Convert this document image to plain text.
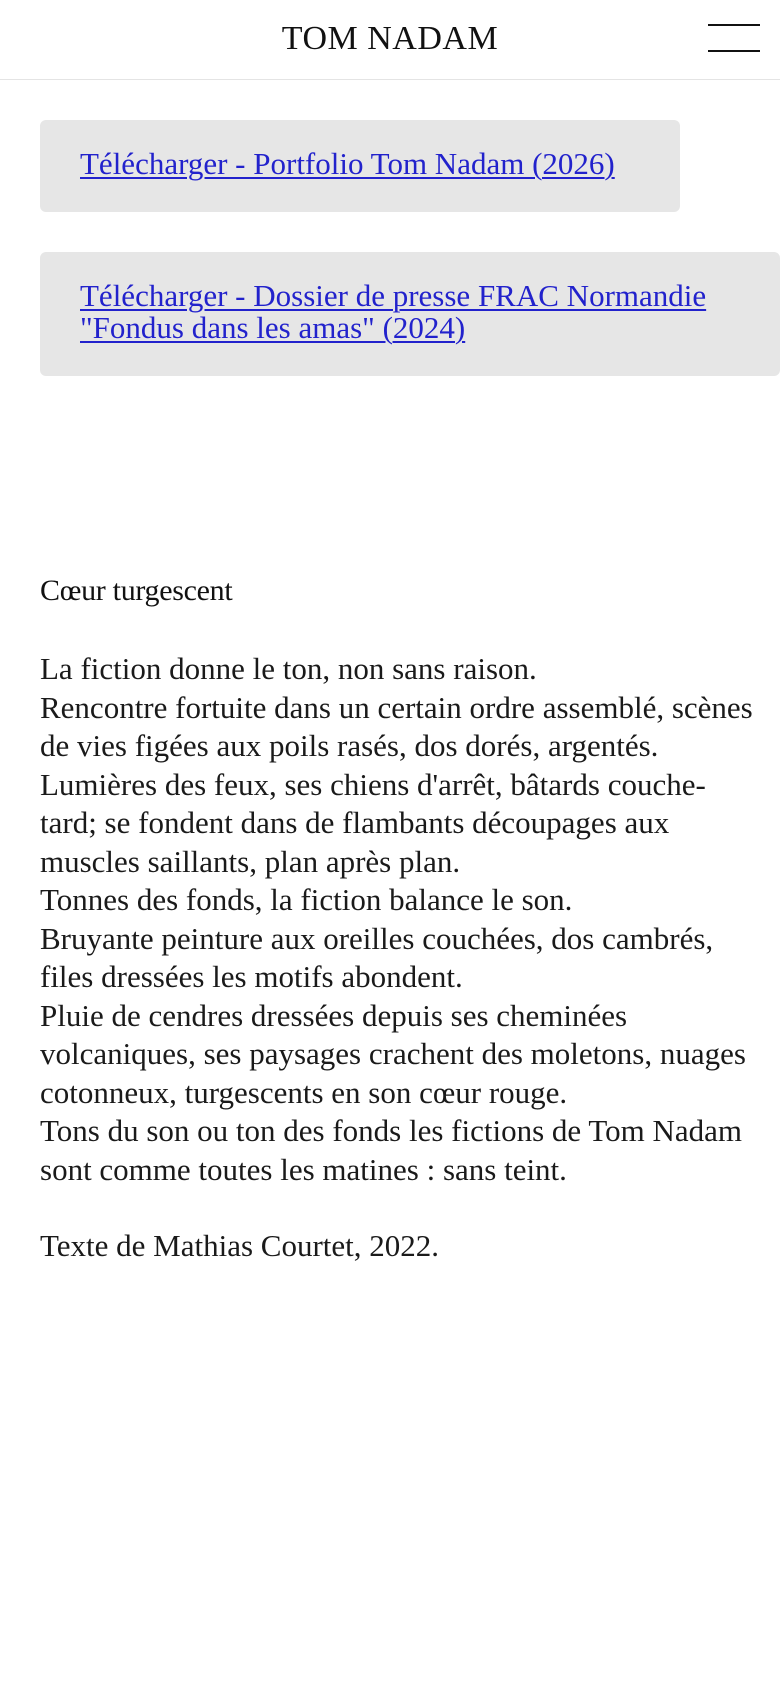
TOM NADAM
Télécharger - Portfolio Tom Nadam (2026)
Télécharger - Dossier de presse FRAC Normandie "Fondus dans les amas" (2024)
Cœur turgescent

La fiction donne le ton, non sans raison.

Rencontre fortuite dans un certain ordre assemblé, scènes de vies figées aux poils rasés, dos dorés, argentés.

Lumières des feux, ses chiens d'arrêt, bâtards couche-tard; se fondent dans de flambants découpages aux muscles saillants, plan après plan.

Tonnes des fonds, la fiction balance le son.

Bruyante peinture aux oreilles couchées, dos cambrés, files dressées les motifs abondent.

Pluie de cendres dressées depuis ses cheminées volcaniques, ses paysages crachent des moletons, nuages cotonneux, turgescents en son cœur rouge.

Tons du son ou ton des fonds les fictions de Tom Nadam sont comme toutes les matines : sans teint.

Texte de Mathias Courtet, 2022.
